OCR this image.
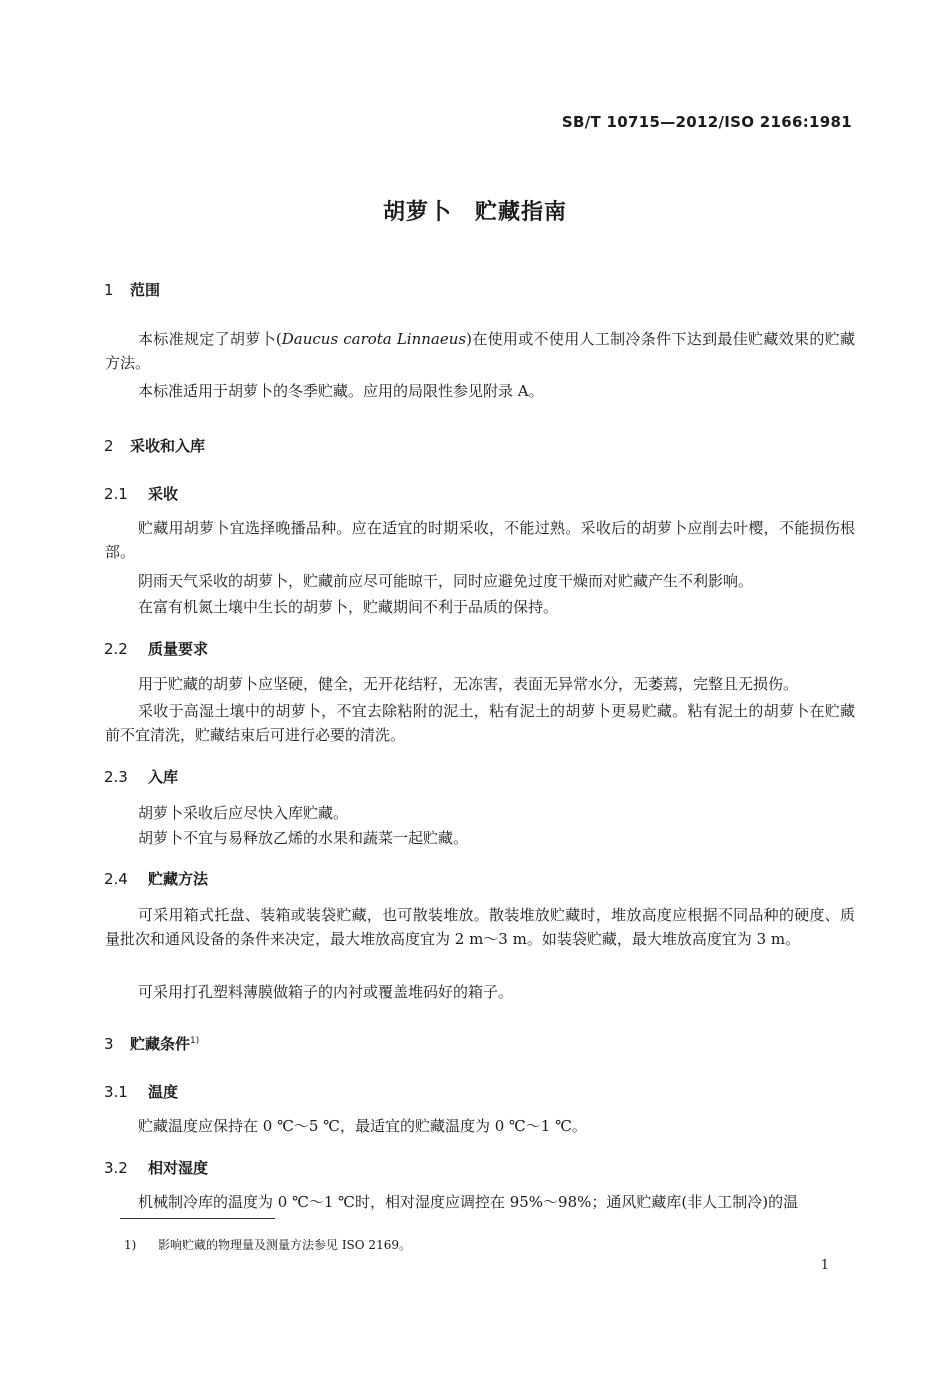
SB/T 10715—2012/ISO 2166:1981
胡萝卜　贮藏指南
1 范围
本标准规定了胡萝卜(Daucus carota Linnaeus)在使用或不使用人工制冷条件下达到最佳贮藏效果的贮藏方法。
本标准适用于胡萝卜的冬季贮藏。应用的局限性参见附录 A。
2 采收和入库
2.1 采收
贮藏用胡萝卜宜选择晚播品种。应在适宜的时期采收，不能过熟。采收后的胡萝卜应削去叶樱，不能损伤根部。
阴雨天气采收的胡萝卜，贮藏前应尽可能晾干，同时应避免过度干燥而对贮藏产生不利影响。
在富有机氮土壤中生长的胡萝卜，贮藏期间不利于品质的保持。
2.2 质量要求
用于贮藏的胡萝卜应坚硬，健全，无开花结籽，无冻害，表面无异常水分，无萎蔫，完整且无损伤。
采收于高湿土壤中的胡萝卜，不宜去除粘附的泥土，粘有泥土的胡萝卜更易贮藏。粘有泥土的胡萝卜在贮藏前不宜清洗，贮藏结束后可进行必要的清洗。
2.3 入库
胡萝卜采收后应尽快入库贮藏。
胡萝卜不宜与易释放乙烯的水果和蔬菜一起贮藏。
2.4 贮藏方法
可采用箱式托盘、装箱或装袋贮藏，也可散装堆放。散装堆放贮藏时，堆放高度应根据不同品种的硬度、质量批次和通风设备的条件来决定，最大堆放高度宜为 2 m～3 m。如装袋贮藏，最大堆放高度宜为 3 m。
可采用打孔塑料薄膜做箱子的内衬或覆盖堆码好的箱子。
3 贮藏条件$^{1)}$
3.1 温度
贮藏温度应保持在 0 ℃～5 ℃，最适宜的贮藏温度为 0 ℃～1 ℃。
3.2 相对湿度
机械制冷库的温度为 0 ℃～1 ℃时，相对湿度应调控在 95%～98%；通风贮藏库(非人工制冷)的温
1) 影响贮藏的物理量及测量方法参见 ISO 2169。
1
